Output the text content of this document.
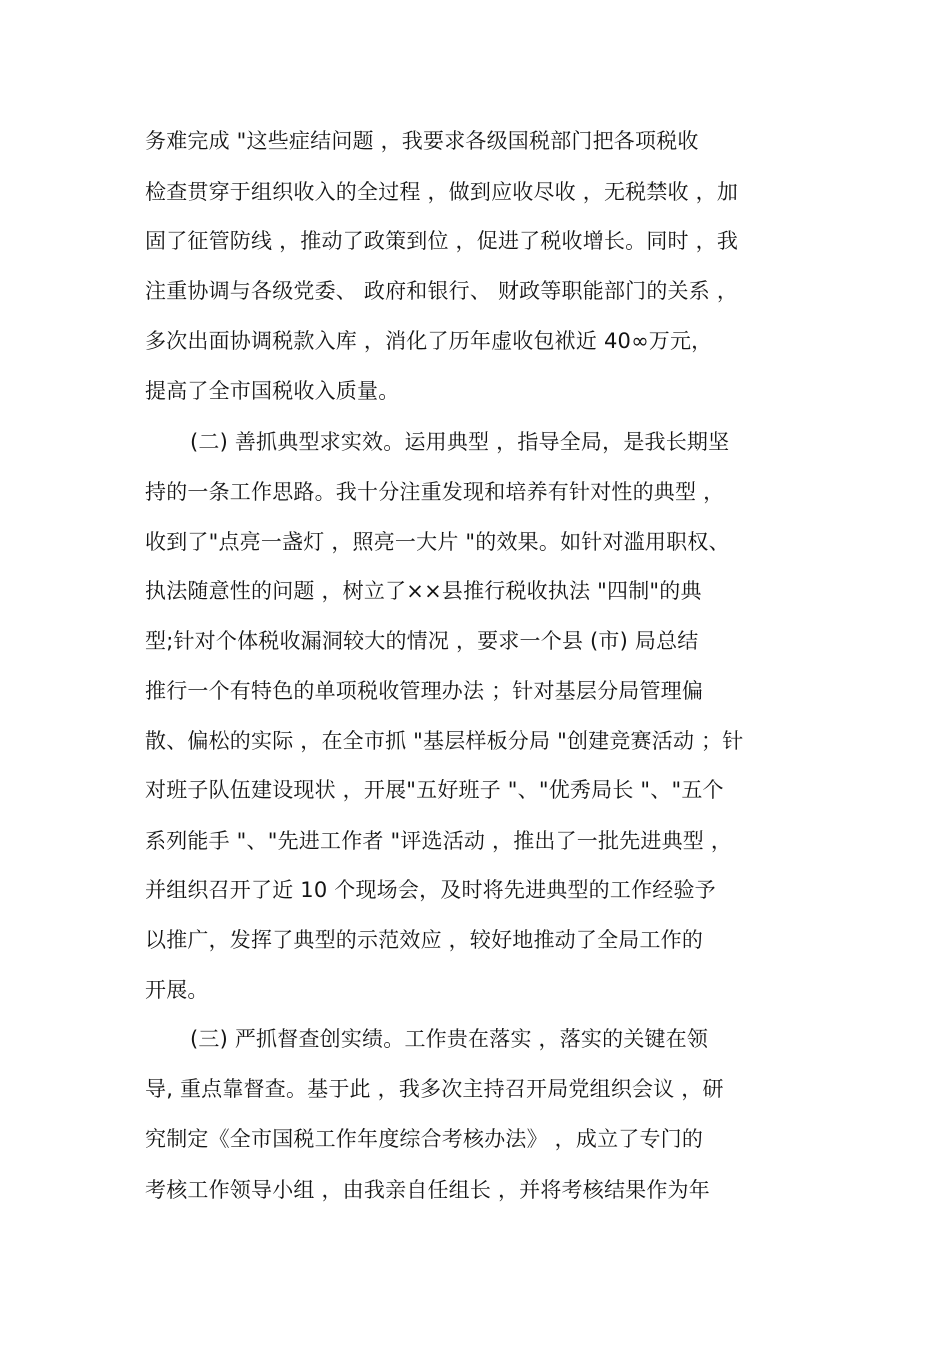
务难完成 "这些症结问题 ，我要求各级国税部门把各项税收
检查贯穿于组织收入的全过程 ，做到应收尽收 ，无税禁收 ，加
固了征管防线 ，推动了政策到位 ，促进了税收增长。同时 ，我
注重协调与各级党委、 政府和银行、 财政等职能部门的关系 ，
多次出面协调税款入库 ，消化了历年虚收包袱近 40∞万元，
提高了全市国税收入质量。
(二) 善抓典型求实效。运用典型 ，指导全局，是我长期坚
持的一条工作思路。我十分注重发现和培养有针对性的典型 ，
收到了"点亮一盏灯 ，照亮一大片 "的效果。如针对滥用职权、
执法随意性的问题 ，树立了××县推行税收执法 "四制"的典
型;针对个体税收漏洞较大的情况 ，要求一个县 (市) 局总结
推行一个有特色的单项税收管理办法 ；针对基层分局管理偏
散、偏松的实际 ，在全市抓 "基层样板分局 "创建竞赛活动 ；针
对班子队伍建设现状 ，开展"五好班子 "、"优秀局长 "、"五个
系列能手 "、"先进工作者 "评选活动 ，推出了一批先进典型 ，
并组织召开了近 10 个现场会，及时将先进典型的工作经验予
以推广，发挥了典型的示范效应 ，较好地推动了全局工作的
开展。
(三) 严抓督查创实绩。工作贵在落实 ，落实的关键在领
导, 重点靠督查。基于此 ，我多次主持召开局党组织会议 ，研
究制定《全市国税工作年度综合考核办法》 ，成立了专门的
考核工作领导小组 ，由我亲自任组长 ，并将考核结果作为年
